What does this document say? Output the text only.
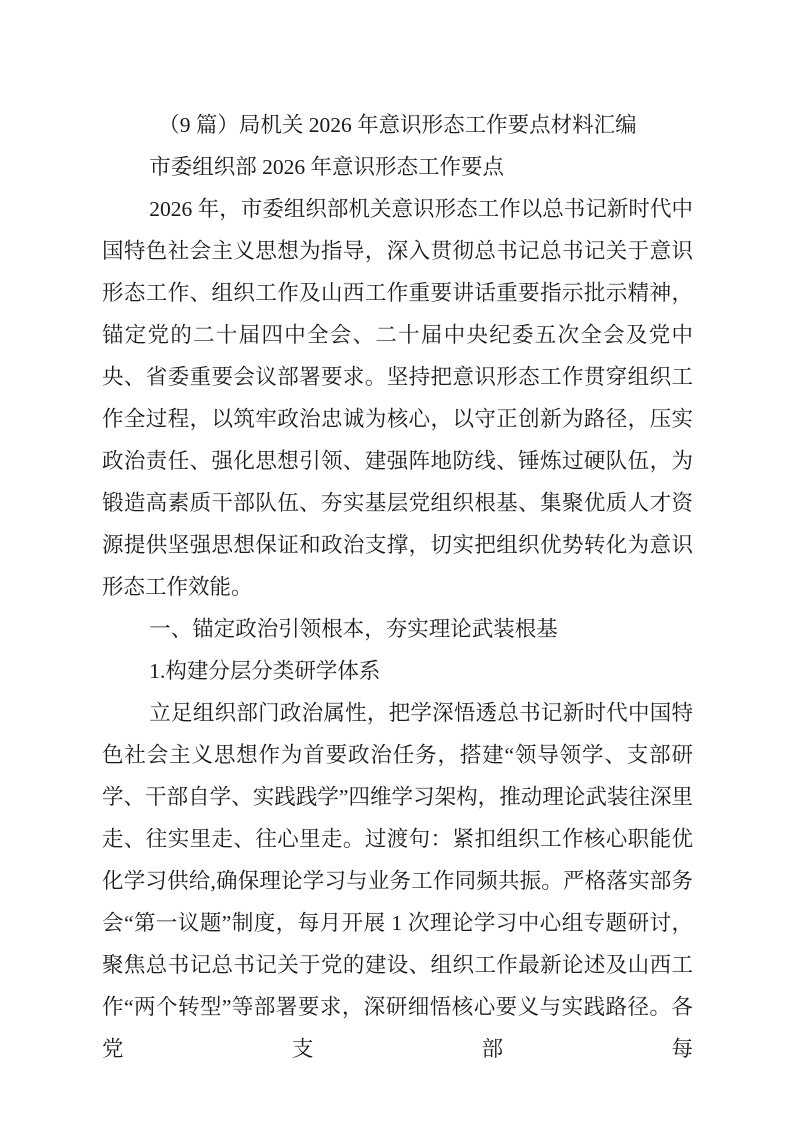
（9 篇）局机关 2026 年意识形态工作要点材料汇编

市委组织部 2026 年意识形态工作要点

2026 年，市委组织部机关意识形态工作以总书记新时代中国特色社会主义思想为指导，深入贯彻总书记总书记关于意识形态工作、组织工作及山西工作重要讲话重要指示批示精神，锚定党的二十届四中全会、二十届中央纪委五次全会及党中央、省委重要会议部署要求。坚持把意识形态工作贯穿组织工作全过程，以筑牢政治忠诚为核心，以守正创新为路径，压实政治责任、强化思想引领、建强阵地防线、锤炼过硬队伍，为锻造高素质干部队伍、夯实基层党组织根基、集聚优质人才资源提供坚强思想保证和政治支撑，切实把组织优势转化为意识形态工作效能。

一、锚定政治引领根本，夯实理论武装根基

1.构建分层分类研学体系

立足组织部门政治属性，把学深悟透总书记新时代中国特色社会主义思想作为首要政治任务，搭建“领导领学、支部研学、干部自学、实践践学”四维学习架构，推动理论武装往深里走、往实里走、往心里走。过渡句：紧扣组织工作核心职能优化学习供给,确保理论学习与业务工作同频共振。严格落实部务会“第一议题”制度，每月开展 1 次理论学习中心组专题研讨，聚焦总书记总书记关于党的建设、组织工作最新论述及山西工作“两个转型”等部署要求，深研细悟核心要义与实践路径。各党支部每
